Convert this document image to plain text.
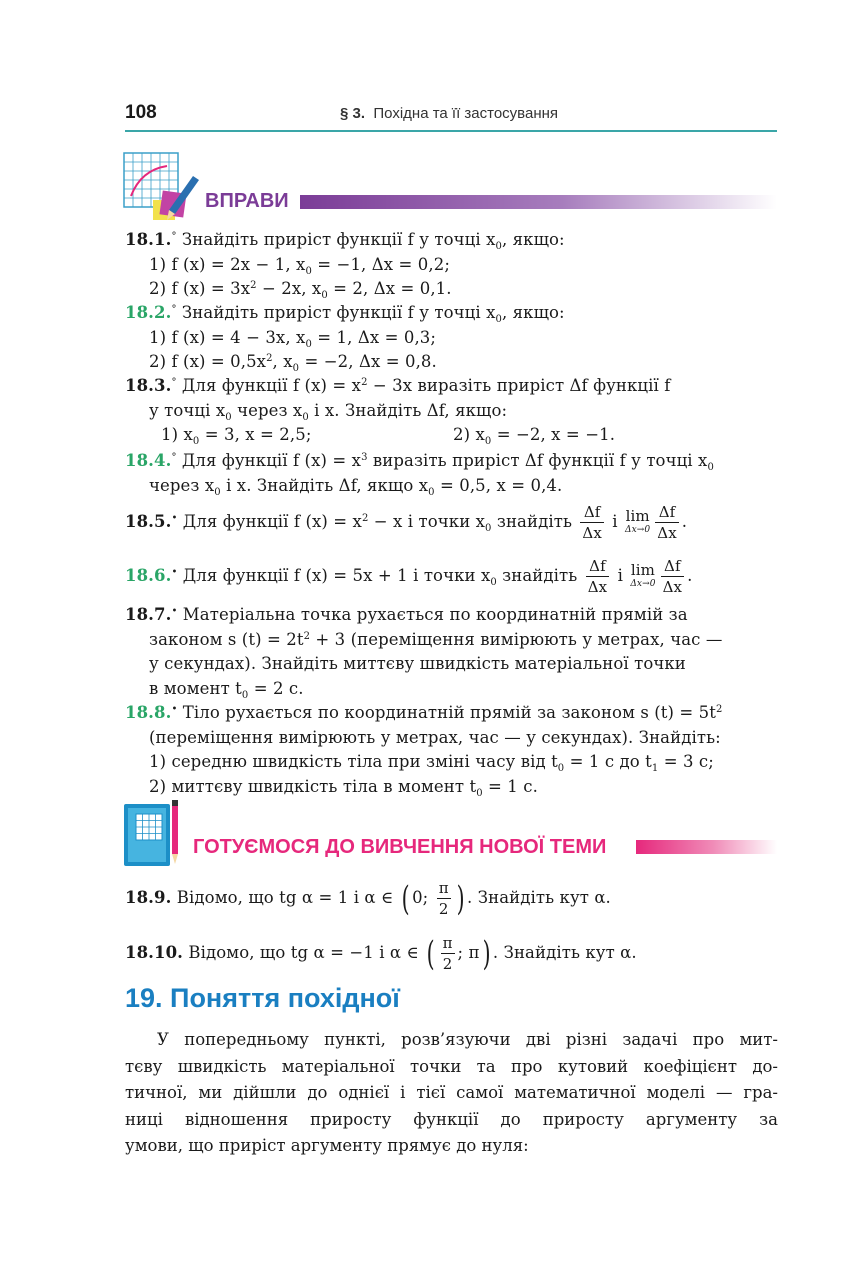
108	§ 3. Похідна та її застосування
ВПРАВИ
18.1.° Знайдіть приріст функції f у точці $x_0$, якщо:
1) f (x) = 2x − 1, $x_0 = -1$, Δx = 0,2;
2) f $(x) = 3x^2 - 2x$, $x_0 = 2$, Δx = 0,1.
18.2.° Знайдіть приріст функції f у точці $x_0$, якщо:
1) f (x) = 4 − 3x, $x_0 = 1$, Δx = 0,3;
2) f $(x) = 0,5x^2$, $x_0 = -2$, Δx = 0,8.
18.3.° Для функції f $(x) = x^2 - 3x$ виразіть приріст Δf функції f
у точці $x_0$ через $x_0$ і x. Знайдіть Δf, якщо:
1) $x_0 = 3$, x = 2,5;	2) $x_0 = -2$, x = −1.
18.4.° Для функції f $(x) = x^3$ виразіть приріст Δf функції f у точці $x_0$
через $x_0$ і x. Знайдіть Δf, якщо $x_0 = 0,5$, x = 0,4.
18.5.• Для функції f $(x) = x^2 - x$ і точки $x_0$ знайдіть $\frac{\Delta f}{\Delta x}$ і lim
$\Delta x\to 0 \frac{\Delta f}{\Delta x}$ .
18.6.• Для функції f (x) = 5x + 1 і точки $x_0$ знайдіть $\frac{\Delta f}{\Delta x}$ і lim
$\Delta x\to 0 \frac{\Delta f}{\Delta x}$ .
18.7.• Матеріальна точка рухається по координатній прямій за
законом s $(t) = 2t^2 + 3$ (переміщення вимірюють у метрах, час —
у секундах). Знайдіть миттєву швидкість матеріальної точки
в момент $t_0 = 2$ с.
18.8.• Тіло рухається по координатній прямій за законом s $(t) = 5t^2$
(переміщення вимірюють у метрах, час — у секундах). Знайдіть:
1) середню швидкість тіла при зміні часу від $t_0 = 1$ с до $t_1 = 3$ с;
2) миттєву швидкість тіла в момент $t_0 = 1$ с.
ГОТУЄМОСЯ ДО ВИВЧЕННЯ НОВОЇ ТЕМИ
18.9. Відомо, що tg α = 1 і α ∈ ( 0; $\frac{\pi}{2}$ ) . Знайдіть кут α.
18.10. Відомо, що tg α = −1 і α ∈ ( $\frac{\pi}{2}$ ; π) . Знайдіть кут α.
19. Поняття похідної
У попередньому пункті, розв’язуючи дві різні задачі про мит-
тєву швидкість матеріальної точки та про кутовий коефіцієнт до-
тичної, ми дійшли до однієї і тієї самої математичної моделі — гра-
ниці відношення приросту функції до приросту аргументу за
умови, що приріст аргументу прямує до нуля:
